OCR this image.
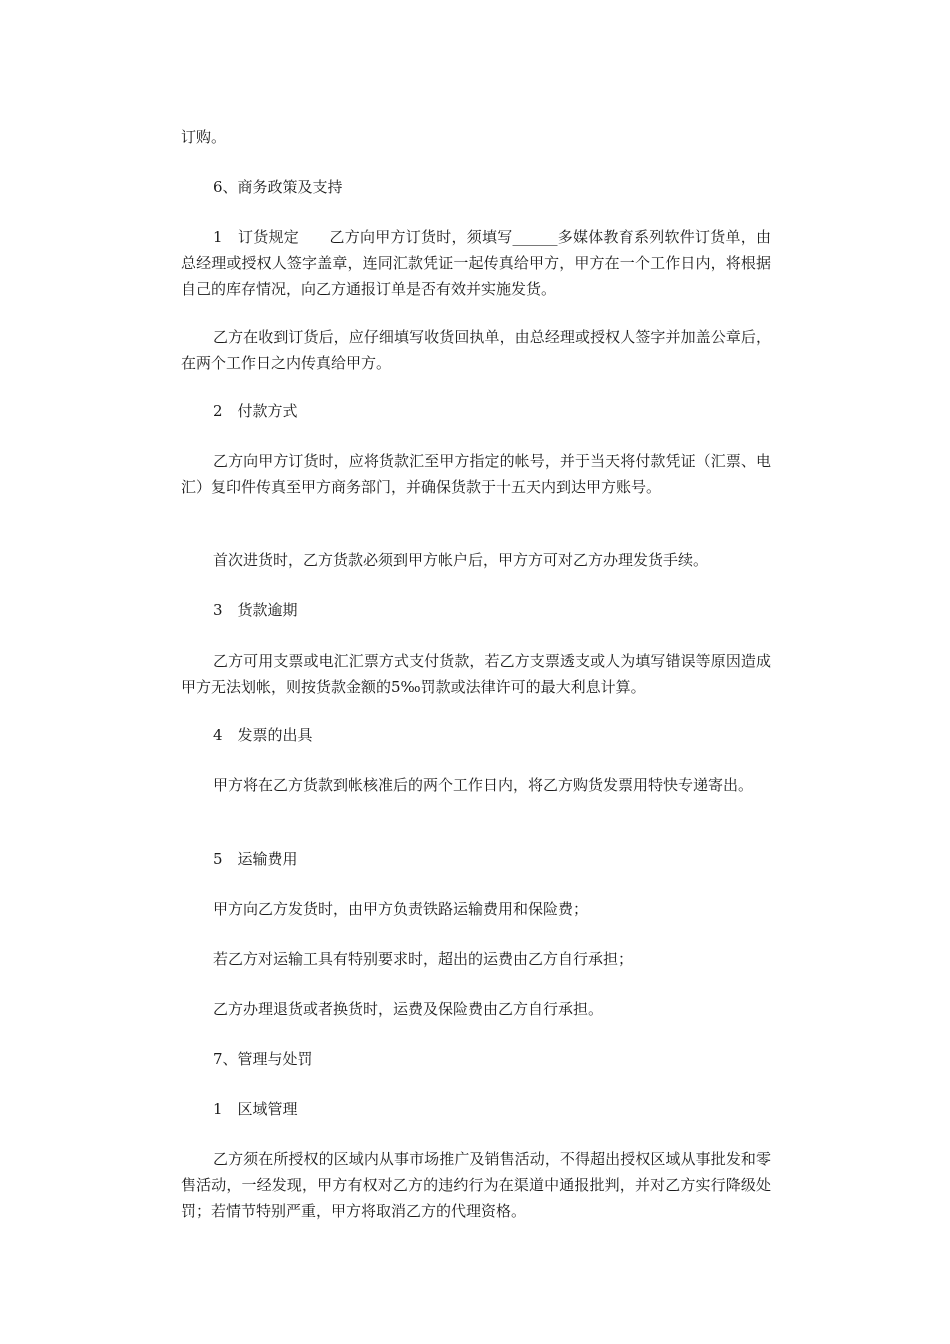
订购。

6、商务政策及支持

1　订货规定　　乙方向甲方订货时，须填写______多媒体教育系列软件订货单，由总经理或授权人签字盖章，连同汇款凭证一起传真给甲方，甲方在一个工作日内，将根据自己的库存情况，向乙方通报订单是否有效并实施发货。

乙方在收到订货后，应仔细填写收货回执单，由总经理或授权人签字并加盖公章后，在两个工作日之内传真给甲方。

2　付款方式

乙方向甲方订货时，应将货款汇至甲方指定的帐号，并于当天将付款凭证（汇票、电汇）复印件传真至甲方商务部门，并确保货款于十五天内到达甲方账号。

首次进货时，乙方货款必须到甲方帐户后，甲方方可对乙方办理发货手续。

3　货款逾期

乙方可用支票或电汇汇票方式支付货款，若乙方支票透支或人为填写错误等原因造成甲方无法划帐，则按货款金额的5‰罚款或法律许可的最大利息计算。

4　发票的出具

甲方将在乙方货款到帐核准后的两个工作日内，将乙方购货发票用特快专递寄出。

5　运输费用

甲方向乙方发货时，由甲方负责铁路运输费用和保险费；

若乙方对运输工具有特别要求时，超出的运费由乙方自行承担；

乙方办理退货或者换货时，运费及保险费由乙方自行承担。

7、管理与处罚

1　区域管理

乙方须在所授权的区域内从事市场推广及销售活动，不得超出授权区域从事批发和零售活动，一经发现，甲方有权对乙方的违约行为在渠道中通报批判，并对乙方实行降级处罚；若情节特别严重，甲方将取消乙方的代理资格。
